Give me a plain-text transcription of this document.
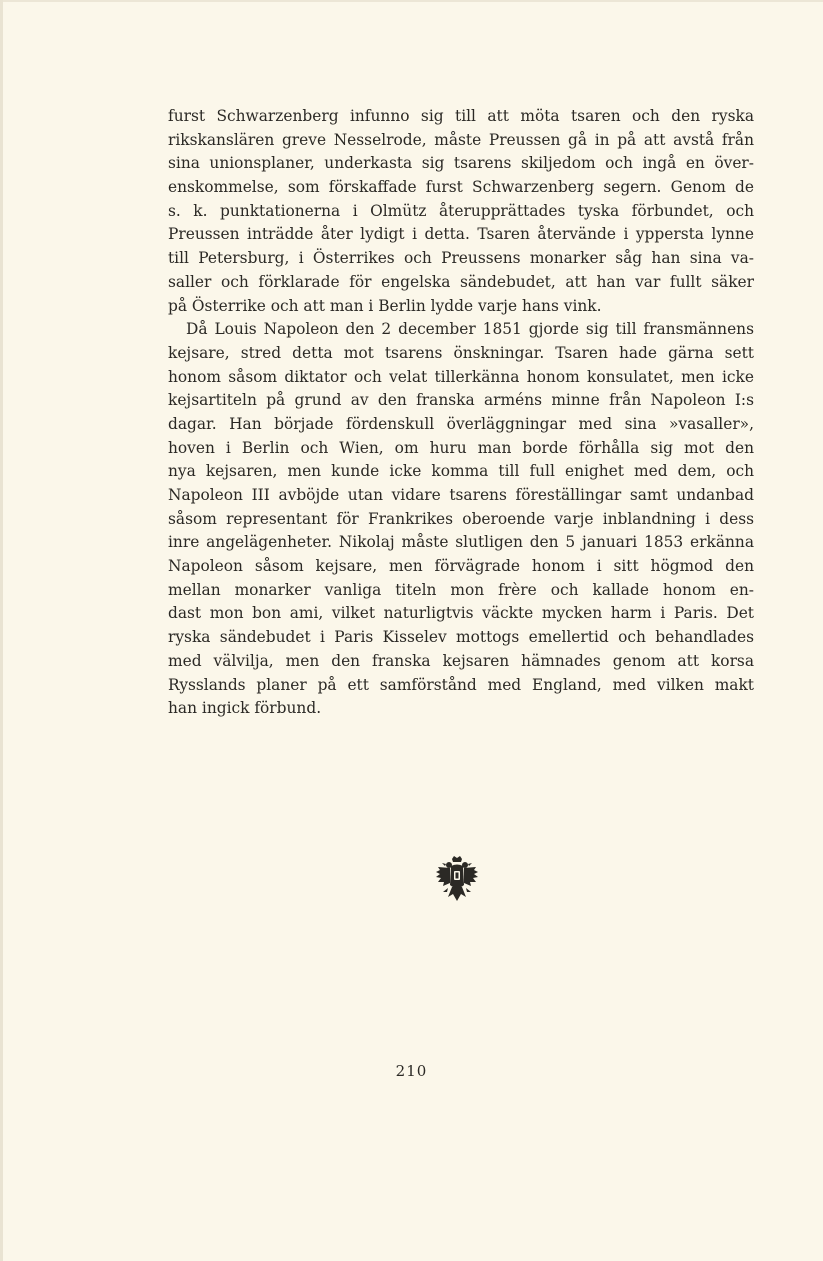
furst Schwarzenberg infunno sig till att möta tsaren och den ryska
rikskanslären greve Nesselrode, måste Preussen gå in på att avstå från
sina unionsplaner, underkasta sig tsarens skiljedom och ingå en över-
enskommelse, som förskaffade furst Schwarzenberg segern. Genom de
s. k. punktationerna i Olmütz återupprättades tyska förbundet, och
Preussen inträdde åter lydigt i detta. Tsaren återvände i yppersta lynne
till Petersburg, i Österrikes och Preussens monarker såg han sina va-
saller och förklarade för engelska sändebudet, att han var fullt säker
på Österrike och att man i Berlin lydde varje hans vink.
Då Louis Napoleon den 2 december 1851 gjorde sig till fransmännens
kejsare, stred detta mot tsarens önskningar. Tsaren hade gärna sett
honom såsom diktator och velat tillerkänna honom konsulatet, men icke
kejsartiteln på grund av den franska arméns minne från Napoleon I:s
dagar. Han började fördenskull överläggningar med sina »vasaller»,
hoven i Berlin och Wien, om huru man borde förhålla sig mot den
nya kejsaren, men kunde icke komma till full enighet med dem, och
Napoleon III avböjde utan vidare tsarens föreställingar samt undanbad
såsom representant för Frankrikes oberoende varje inblandning i dess
inre angelägenheter. Nikolaj måste slutligen den 5 januari 1853 erkänna
Napoleon såsom kejsare, men förvägrade honom i sitt högmod den
mellan monarker vanliga titeln mon frère och kallade honom en-
dast mon bon ami, vilket naturligtvis väckte mycken harm i Paris. Det
ryska sändebudet i Paris Kisselev mottogs emellertid och behandlades
med välvilja, men den franska kejsaren hämnades genom att korsa
Rysslands planer på ett samförstånd med England, med vilken makt
han ingick förbund.
210
